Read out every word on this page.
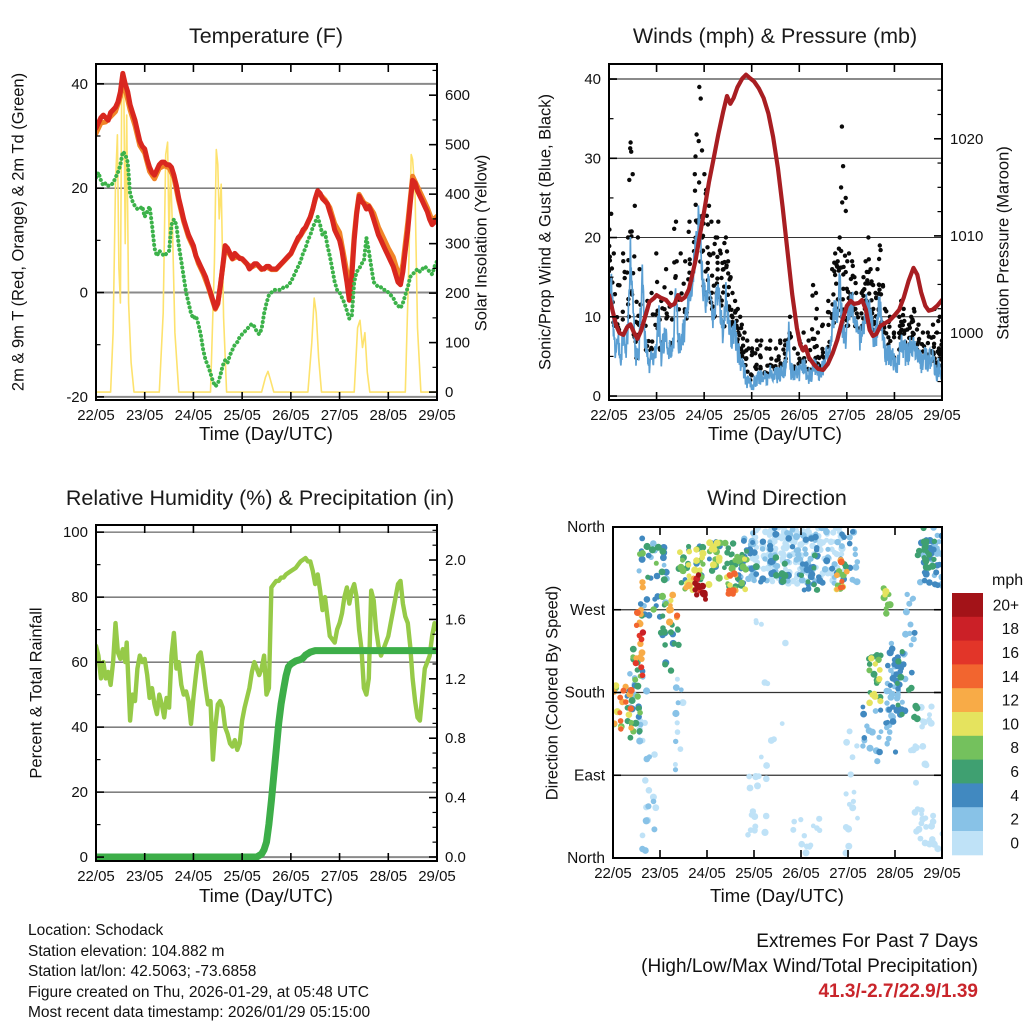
22/05 23/05 24/05 25/05 26/05 27/05 28/05 29/05
-20
0
20
40
0
100
200
300
400
500
600
22/05 23/05 24/05 25/05 26/05 27/05 28/05 29/05
0
10
20
30
40
1000
1010
1020
22/05 23/05 24/05 25/05 26/05 27/05 28/05 29/05
0
20
40
60
80
100
0.0
0.4
0.8
1.2
1.6
2.0
22/05 23/05 24/05 25/05 26/05 27/05 28/05 29/05
North
West
South
East
North
20+
18
16
14
12
10
8
6
4
2
0
Temperature (F)	Winds (mph) & Pressure (mb)
Relative Humidity (%) & Precipitation (in)	Wind Direction
Time (Day/UTC)	Time (Day/UTC)
Time (Day/UTC)	Time (Day/UTC)
2m & 9m T (Red, Orange) & 2m Td (Green)	Solar Insolation (Yellow)	Sonic/Prop Wind & Gust (Blue, Black)	Station Pressure (Maroon)
Percent & Total Rainfall	Direction (Colored By Speed)
mph
Location: Schodack
Station elevation: 104.882 m
Station lat/lon: 42.5063; -73.6858
Figure created on Thu, 2026-01-29, at 05:48 UTC
Most recent data timestamp: 2026/01/29 05:15:00
Extremes For Past 7 Days
(High/Low/Max Wind/Total Precipitation)
41.3/-2.7/22.9/1.39
